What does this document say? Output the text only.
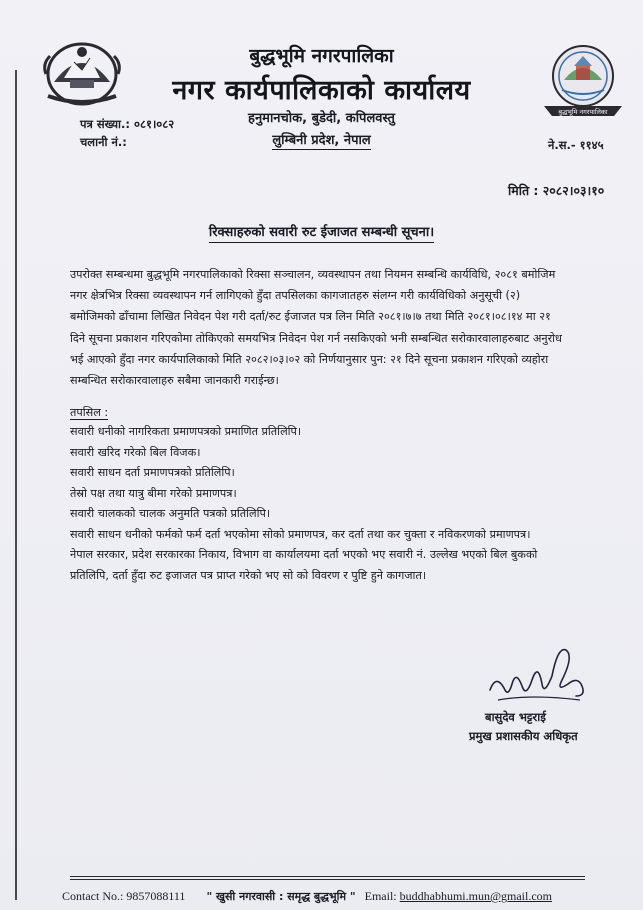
बुद्धभूमि नगरपालिका
बुद्धभूमि नगरपालिका
नगर कार्यपालिकाको कार्यालय
हनुमानचोक, बुडेदी, कपिलवस्तु
लुम्बिनी प्रदेश, नेपाल
पत्र संख्या.: ०८१।०८२
चलानी नं.:	ने.स.- ११४५
मिति : २०८२।०३।१०
रिक्साहरुको सवारी रुट ईजाजत सम्बन्धी सूचना।
उपरोक्त सम्बन्धमा बुद्धभूमि नगरपालिकाको रिक्सा सञ्चालन, व्यवस्थापन तथा नियमन सम्बन्धि कार्यविधि, २०८१ बमोजिम
नगर क्षेत्रभित्र रिक्सा व्यवस्थापन गर्न लागिएको हुँदा तपसिलका कागजातहरु संलग्न गरी कार्यविधिको अनुसूची (२)
बमोजिमको ढाँचामा लिखित निवेदन पेश गरी दर्ता/रुट ईजाजत पत्र लिन मिति २०८१।७।७ तथा मिति २०८१।०८।१४ मा २१
दिने सूचना प्रकाशन गरिएकोमा तोकिएको समयभित्र निवेदन पेश गर्न नसकिएको भनी सम्बन्धित सरोकारवालाहरुबाट अनुरोध
भई आएको हुँदा नगर कार्यपालिकाको मिति २०८२।०३।०२ को निर्णयानुसार पुन: २१ दिने सूचना प्रकाशन गरिएको व्यहोरा
सम्बन्धित सरोकारवालाहरु सबैमा जानकारी गराईन्छ।
तपसिल :
सवारी धनीको नागरिकता प्रमाणपत्रको प्रमाणित प्रतिलिपि।
सवारी खरिद गरेको बिल विजक।
सवारी साधन दर्ता प्रमाणपत्रको प्रतिलिपि।
तेस्रो पक्ष तथा यात्रु बीमा गरेको प्रमाणपत्र।
सवारी चालकको चालक अनुमति पत्रको प्रतिलिपि।
सवारी साधन धनीको फर्मको फर्म दर्ता भएकोमा सोको प्रमाणपत्र, कर दर्ता तथा कर चुक्ता र नविकरणको प्रमाणपत्र।
नेपाल सरकार, प्रदेश सरकारका निकाय, विभाग वा कार्यालयमा दर्ता भएको भए सवारी नं. उल्लेख भएको बिल बुकको
प्रतिलिपि, दर्ता हुँदा रुट इजाजत पत्र प्राप्त गरेको भए सो को विवरण र पुष्टि हुने कागजात।
बासुदेव भट्टराई
प्रमुख प्रशासकीय अधिकृत
Contact No.: 9857088111 " खुसी नगरवासी : समृद्ध बुद्धभूमि " Email: buddhabhumi.mun@gmail.com
